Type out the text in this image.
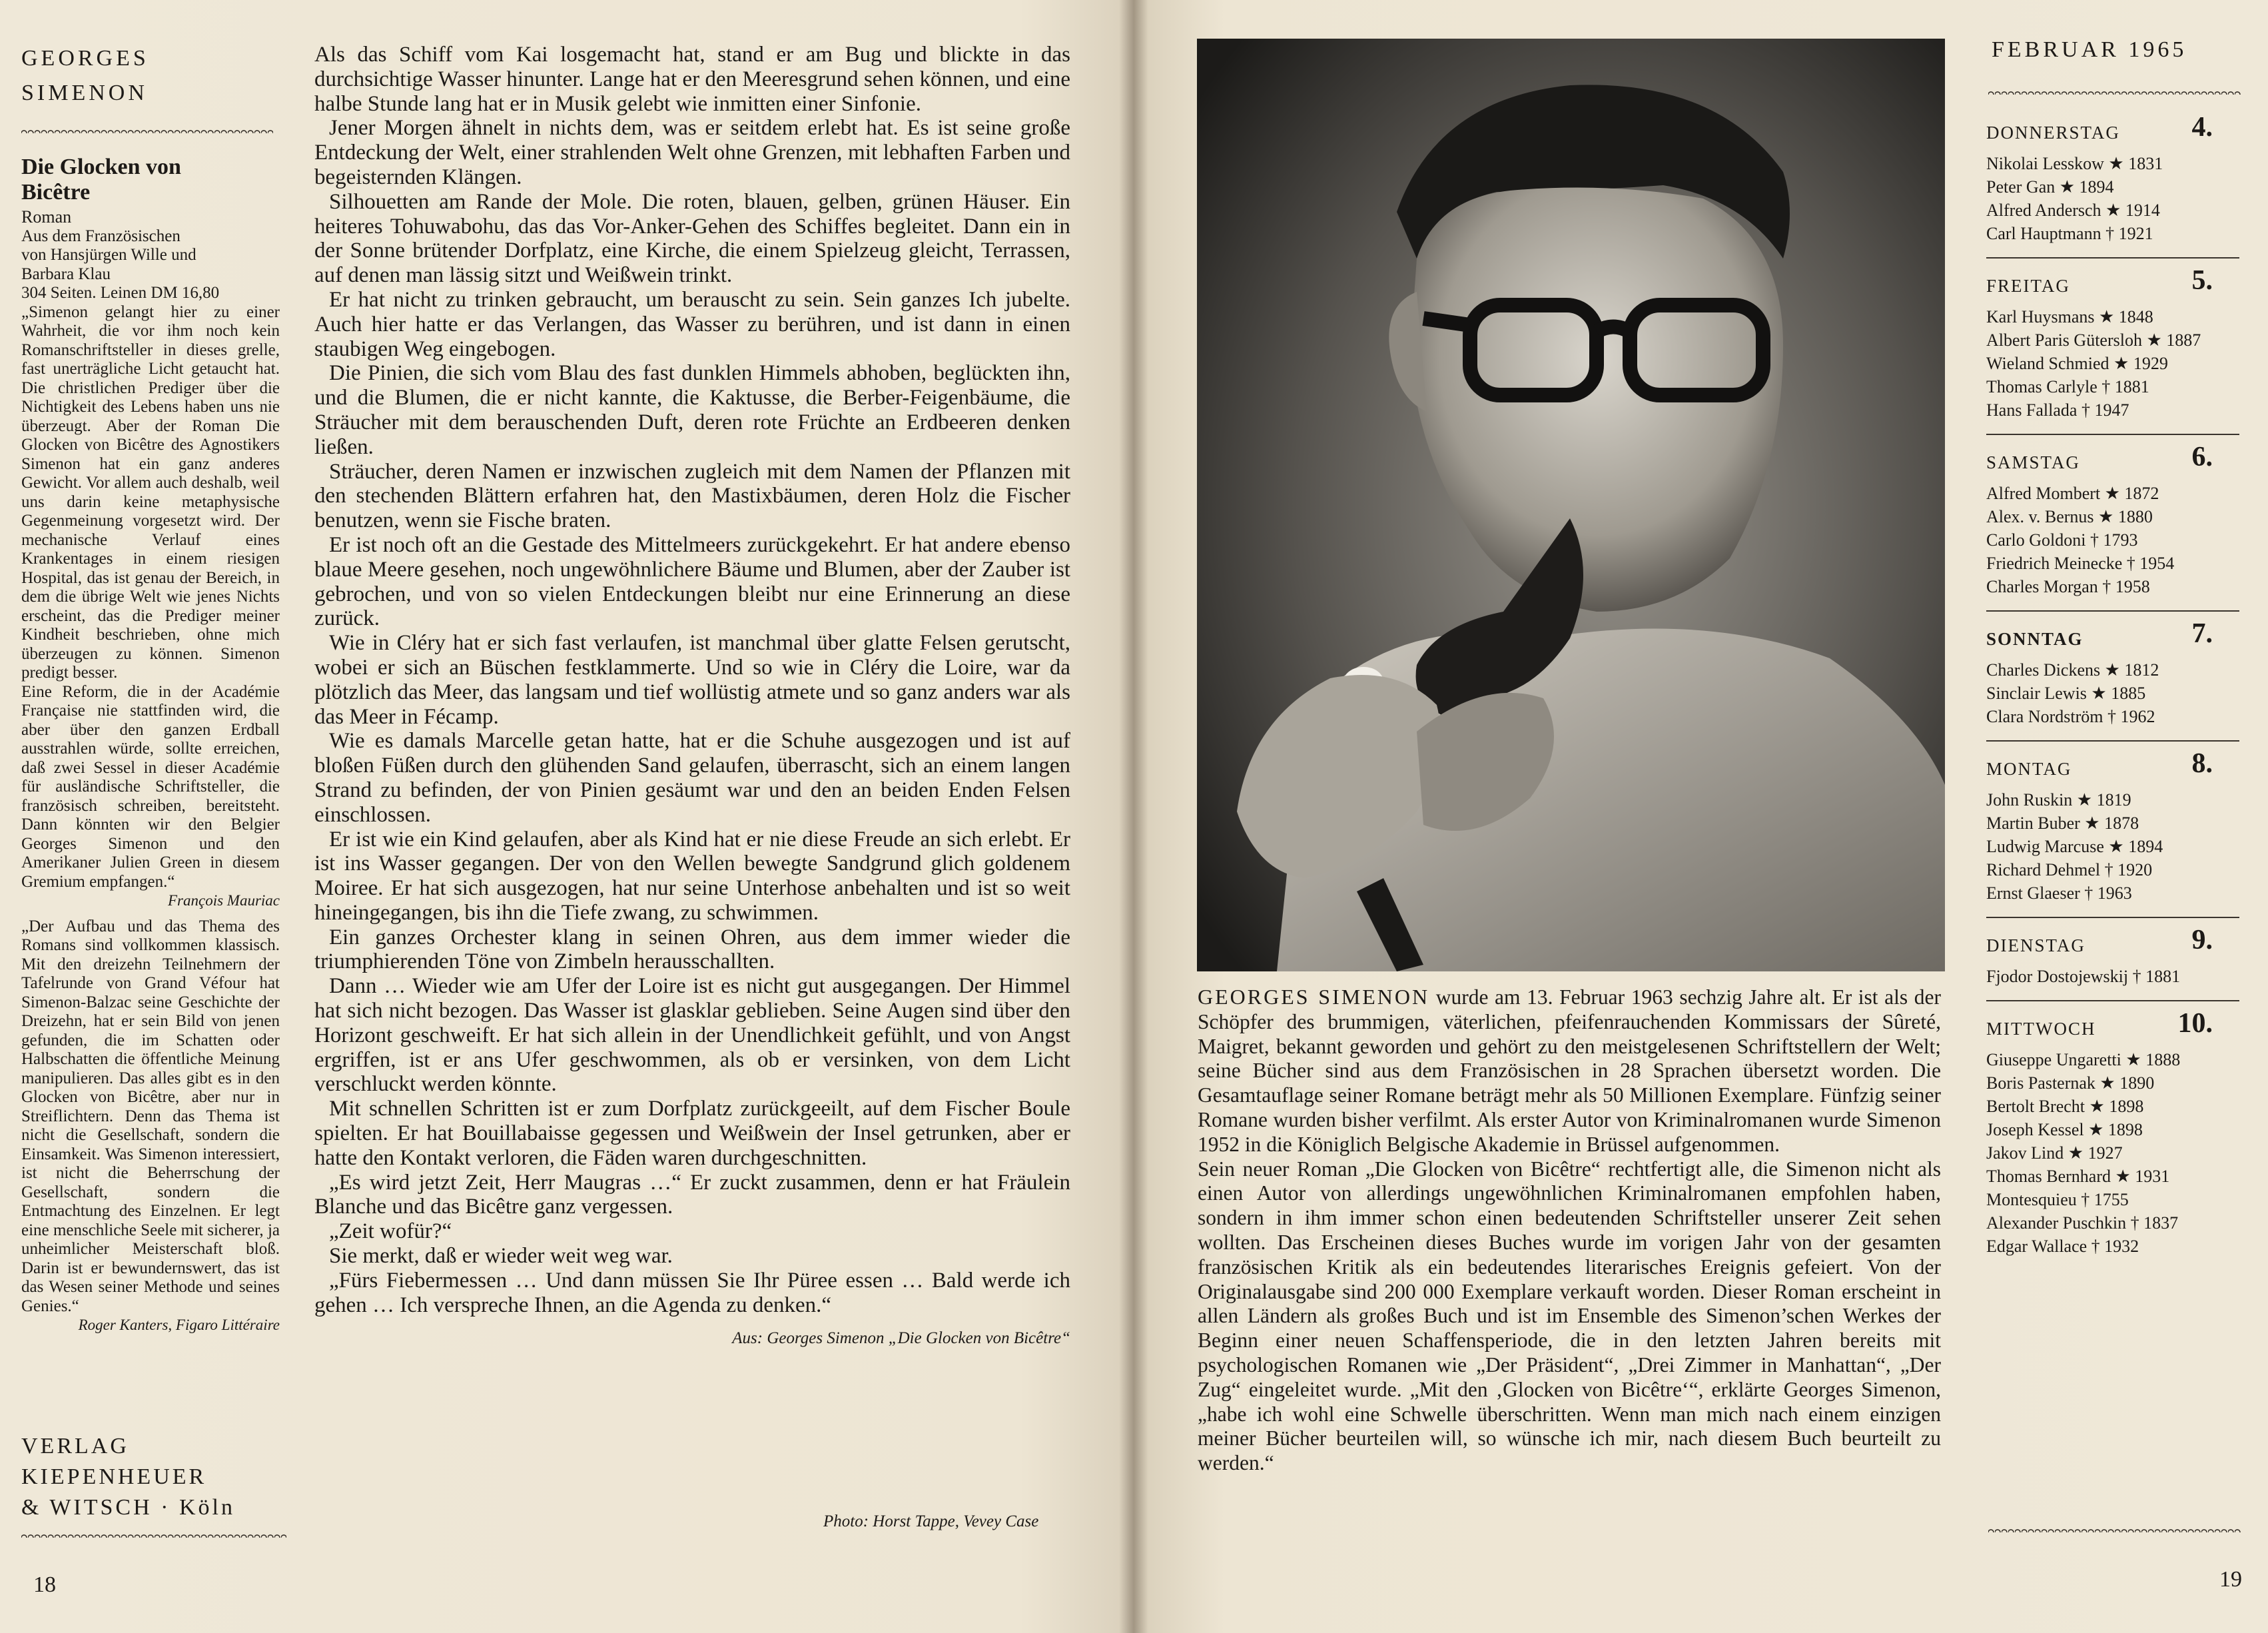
GEORGES
SIMENON
Die Glocken von Bicêtre
Roman
Aus dem Französischen
von Hansjürgen Wille und
Barbara Klau
304 Seiten. Leinen DM 16,80

„Simenon gelangt hier zu einer Wahrheit, die vor ihm noch kein Romanschriftsteller in dieses grelle, fast unerträgliche Licht getaucht hat. Die christlichen Prediger über die Nichtigkeit des Lebens haben uns nie überzeugt. Aber der Roman Die Glocken von Bicêtre des Agnostikers Simenon hat ein ganz anderes Gewicht. Vor allem auch deshalb, weil uns darin keine metaphysische Gegenmeinung vorgesetzt wird. Der mechanische Verlauf eines Krankentages in einem riesigen Hospital, das ist genau der Bereich, in dem die übrige Welt wie jenes Nichts erscheint, das die Prediger meiner Kindheit beschrieben, ohne mich überzeugen zu können. Simenon predigt besser.

Eine Reform, die in der Académie Française nie stattfinden wird, die aber über den ganzen Erdball ausstrahlen würde, sollte erreichen, daß zwei Sessel in dieser Académie für ausländische Schriftsteller, die französisch schreiben, bereitsteht. Dann könnten wir den Belgier Georges Simenon und den Amerikaner Julien Green in diesem Gremium empfangen.“

François Mauriac

„Der Aufbau und das Thema des Romans sind vollkommen klassisch. Mit den dreizehn Teilnehmern der Tafelrunde von Grand Véfour hat Simenon-Balzac seine Geschichte der Dreizehn, hat er sein Bild von jenen gefunden, die im Schatten oder Halbschatten die öffentliche Meinung manipulieren. Das alles gibt es in den Glocken von Bicêtre, aber nur in Streiflichtern. Denn das Thema ist nicht die Gesellschaft, sondern die Einsamkeit. Was Simenon interessiert, ist nicht die Beherrschung der Gesellschaft, sondern die Entmachtung des Einzelnen. Er legt eine menschliche Seele mit sicherer, ja unheimlicher Meisterschaft bloß. Darin ist er bewundernswert, das ist das Wesen seiner Methode und seines Genies.“

Roger Kanters, Figaro Littéraire

VERLAG
KIEPENHEUER
& WITSCH · Köln
18

Als das Schiff vom Kai losgemacht hat, stand er am Bug und blickte in das durchsichtige Wasser hinunter. Lange hat er den Meeresgrund sehen können, und eine halbe Stunde lang hat er in Musik gelebt wie inmitten einer Sinfonie.

Jener Morgen ähnelt in nichts dem, was er seitdem erlebt hat. Es ist seine große Entdeckung der Welt, einer strahlenden Welt ohne Grenzen, mit lebhaften Farben und begeisternden Klängen.

Silhouetten am Rande der Mole. Die roten, blauen, gelben, grünen Häuser. Ein heiteres Tohuwabohu, das das Vor-Anker-Gehen des Schiffes begleitet. Dann ein in der Sonne brütender Dorfplatz, eine Kirche, die einem Spielzeug gleicht, Terrassen, auf denen man lässig sitzt und Weißwein trinkt.

Er hat nicht zu trinken gebraucht, um berauscht zu sein. Sein ganzes Ich jubelte. Auch hier hatte er das Verlangen, das Wasser zu berühren, und ist dann in einen staubigen Weg eingebogen.

Die Pinien, die sich vom Blau des fast dunklen Himmels abhoben, beglückten ihn, und die Blumen, die er nicht kannte, die Kaktusse, die Berber-Feigenbäume, die Sträucher mit dem berauschenden Duft, deren rote Früchte an Erdbeeren denken ließen.

Sträucher, deren Namen er inzwischen zugleich mit dem Namen der Pflanzen mit den stechenden Blättern erfahren hat, den Mastixbäumen, deren Holz die Fischer benutzen, wenn sie Fische braten.

Er ist noch oft an die Gestade des Mittelmeers zurückgekehrt. Er hat andere ebenso blaue Meere gesehen, noch ungewöhnlichere Bäume und Blumen, aber der Zauber ist gebrochen, und von so vielen Entdeckungen bleibt nur eine Erinnerung an diese zurück.

Wie in Cléry hat er sich fast verlaufen, ist manchmal über glatte Felsen gerutscht, wobei er sich an Büschen festklammerte. Und so wie in Cléry die Loire, war da plötzlich das Meer, das langsam und tief wollüstig atmete und so ganz anders war als das Meer in Fécamp.

Wie es damals Marcelle getan hatte, hat er die Schuhe ausgezogen und ist auf bloßen Füßen durch den glühenden Sand gelaufen, überrascht, sich an einem langen Strand zu befinden, der von Pinien gesäumt war und den an beiden Enden Felsen einschlossen.

Er ist wie ein Kind gelaufen, aber als Kind hat er nie diese Freude an sich erlebt. Er ist ins Wasser gegangen. Der von den Wellen bewegte Sandgrund glich goldenem Moiree. Er hat sich ausgezogen, hat nur seine Unterhose anbehalten und ist so weit hineingegangen, bis ihn die Tiefe zwang, zu schwimmen.

Ein ganzes Orchester klang in seinen Ohren, aus dem immer wieder die triumphierenden Töne von Zimbeln herausschallten.

Dann … Wieder wie am Ufer der Loire ist es nicht gut ausgegangen. Der Himmel hat sich nicht bezogen. Das Wasser ist glasklar geblieben. Seine Augen sind über den Horizont geschweift. Er hat sich allein in der Unendlichkeit gefühlt, und von Angst ergriffen, ist er ans Ufer geschwommen, als ob er versinken, von dem Licht verschluckt werden könnte.

Mit schnellen Schritten ist er zum Dorfplatz zurückgeeilt, auf dem Fischer Boule spielten. Er hat Bouillabaisse gegessen und Weißwein der Insel getrunken, aber er hatte den Kontakt verloren, die Fäden waren durchgeschnitten.

„Es wird jetzt Zeit, Herr Maugras …“ Er zuckt zusammen, denn er hat Fräulein Blanche und das Bicêtre ganz vergessen.

„Zeit wofür?“

Sie merkt, daß er wieder weit weg war.

„Fürs Fiebermessen … Und dann müssen Sie Ihr Püree essen … Bald werde ich gehen … Ich verspreche Ihnen, an die Agenda zu denken.“

Aus: Georges Simenon „Die Glocken von Bicêtre“

Photo: Horst Tappe, Vevey Case

GEORGES SIMENON wurde am 13. Februar 1963 sechzig Jahre alt. Er ist als der Schöpfer des brummigen, väterlichen, pfeifenrauchenden Kommissars der Sûreté, Maigret, bekannt geworden und gehört zu den meistgelesenen Schriftstellern der Welt; seine Bücher sind aus dem Französischen in 28 Sprachen übersetzt worden. Die Gesamtauflage seiner Romane beträgt mehr als 50 Millionen Exemplare. Fünfzig seiner Romane wurden bisher verfilmt. Als erster Autor von Kriminalromanen wurde Simenon 1952 in die Königlich Belgische Akademie in Brüssel aufgenommen.

Sein neuer Roman „Die Glocken von Bicêtre“ rechtfertigt alle, die Simenon nicht als einen Autor von allerdings ungewöhnlichen Kriminalromanen empfohlen haben, sondern in ihm immer schon einen bedeutenden Schriftsteller unserer Zeit sehen wollten. Das Erscheinen dieses Buches wurde im vorigen Jahr von der gesamten französischen Kritik als ein bedeutendes literarisches Ereignis gefeiert. Von der Originalausgabe sind 200 000 Exemplare verkauft worden. Dieser Roman erscheint in allen Ländern als großes Buch und ist im Ensemble des Simenon’schen Werkes der Beginn einer neuen Schaffensperiode, die in den letzten Jahren bereits mit psychologischen Romanen wie „Der Präsident“, „Drei Zimmer in Manhattan“, „Der Zug“ eingeleitet wurde. „Mit den ‚Glocken von Bicêtre‘“, erklärte Georges Simenon, „habe ich wohl eine Schwelle überschritten. Wenn man mich nach einem einzigen meiner Bücher beurteilen will, so wünsche ich mir, nach diesem Buch beurteilt zu werden.“

FEBRUAR 1965
DONNERSTAG	4.
Nikolai Lesskow ★ 1831
Peter Gan ★ 1894
Alfred Andersch ★ 1914
Carl Hauptmann † 1921
FREITAG	5.
Karl Huysmans ★ 1848
Albert Paris Gütersloh ★ 1887
Wieland Schmied ★ 1929
Thomas Carlyle † 1881
Hans Fallada † 1947
SAMSTAG	6.
Alfred Mombert ★ 1872
Alex. v. Bernus ★ 1880
Carlo Goldoni † 1793
Friedrich Meinecke † 1954
Charles Morgan † 1958
SONNTAG	7.
Charles Dickens ★ 1812
Sinclair Lewis ★ 1885
Clara Nordström † 1962
MONTAG	8.
John Ruskin ★ 1819
Martin Buber ★ 1878
Ludwig Marcuse ★ 1894
Richard Dehmel † 1920
Ernst Glaeser † 1963
DIENSTAG	9.
Fjodor Dostojewskij † 1881
MITTWOCH	10.
Giuseppe Ungaretti ★ 1888
Boris Pasternak ★ 1890
Bertolt Brecht ★ 1898
Joseph Kessel ★ 1898
Jakov Lind ★ 1927
Thomas Bernhard ★ 1931
Montesquieu † 1755
Alexander Puschkin † 1837
Edgar Wallace † 1932
19
